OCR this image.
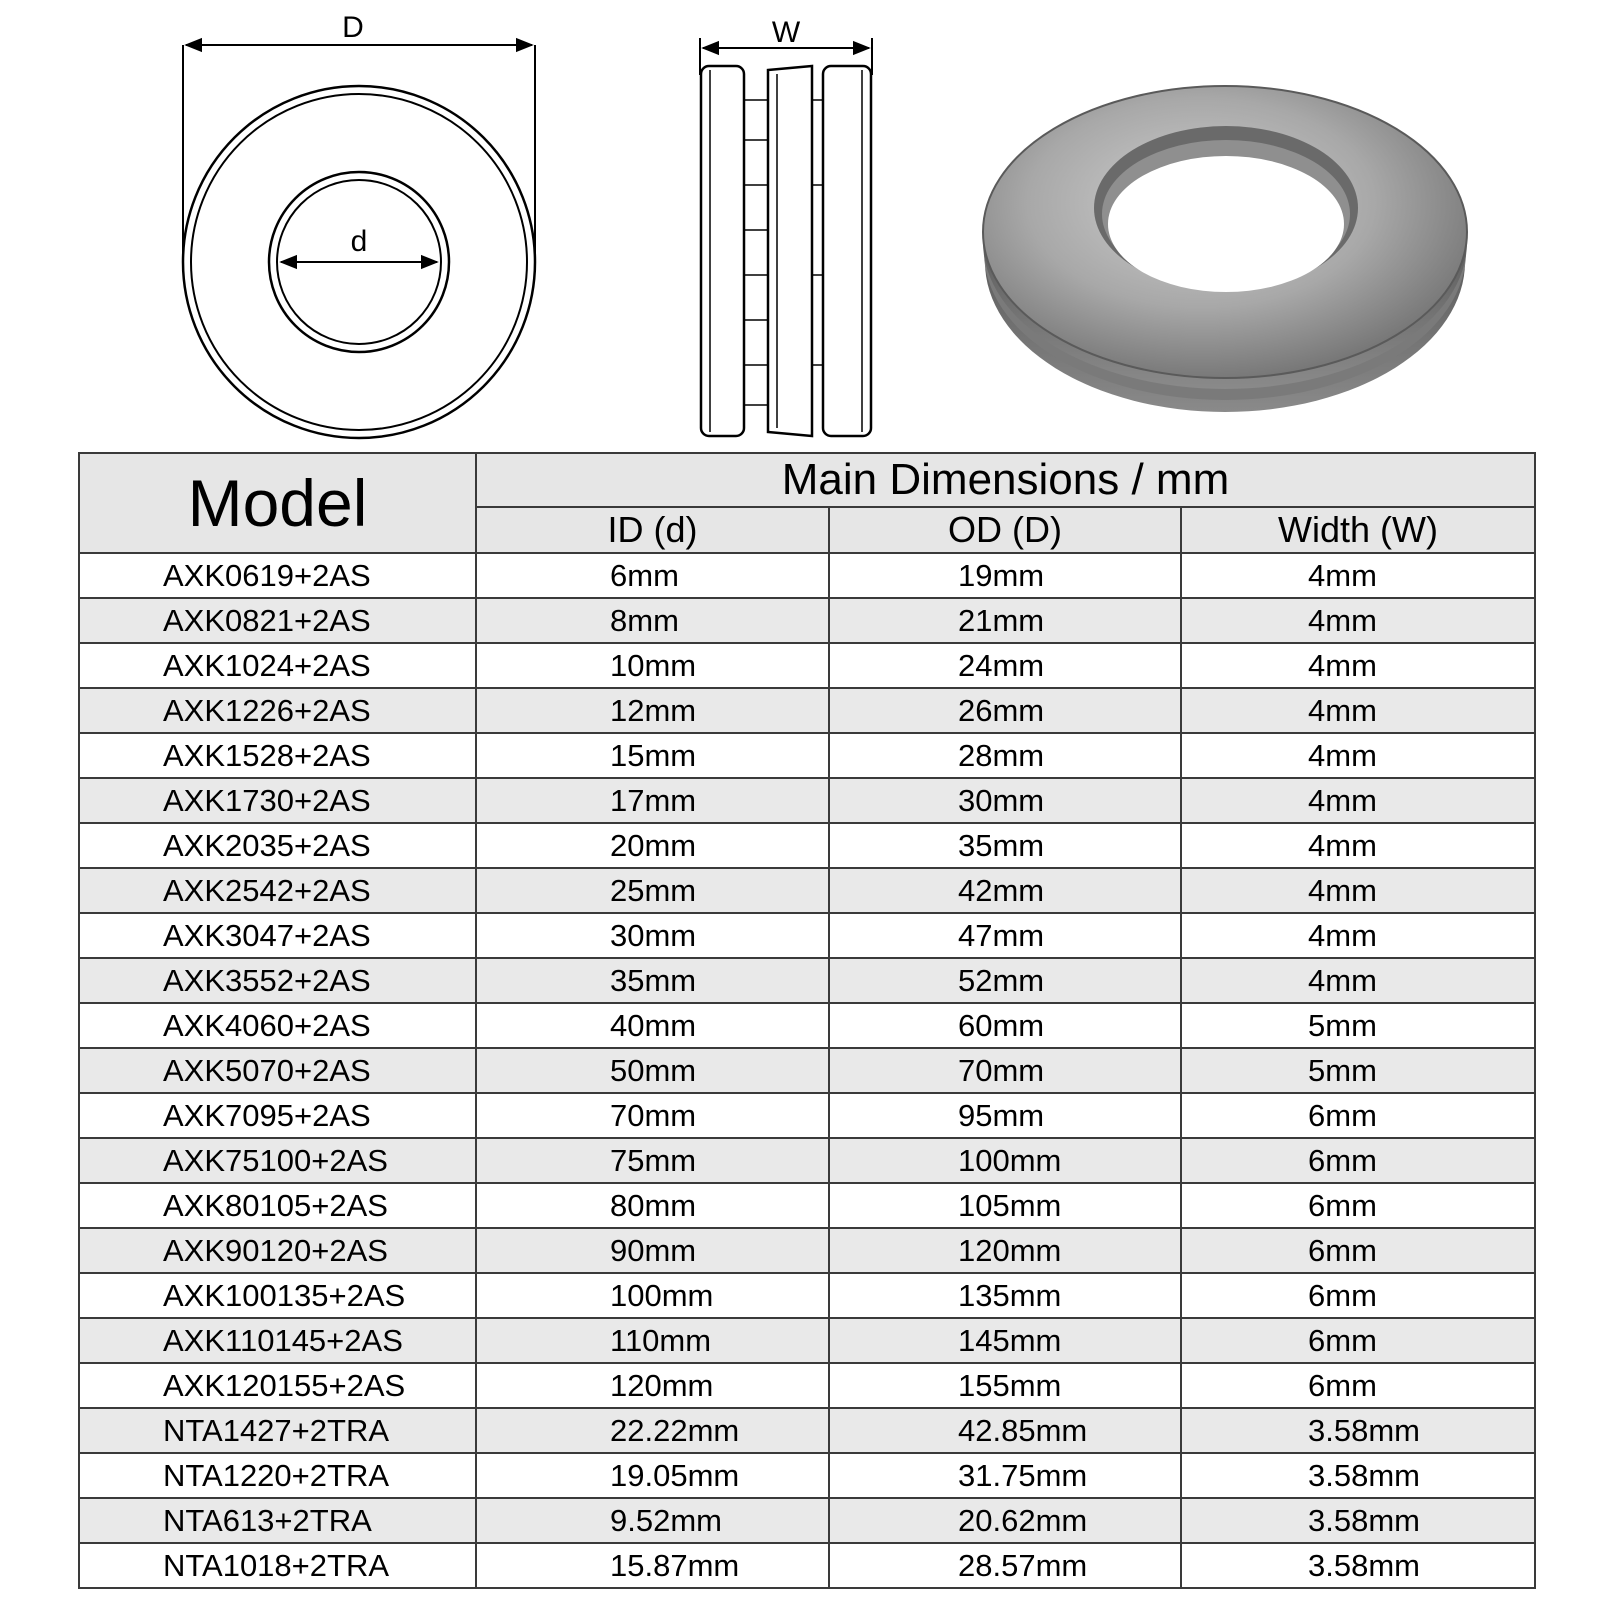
D
d
W
Model	Main Dimensions / mm		
	ID (d)	OD (D)	Width (W)
AXK0619+2AS	6mm	19mm	4mm
AXK0821+2AS	8mm	21mm	4mm
AXK1024+2AS	10mm	24mm	4mm
AXK1226+2AS	12mm	26mm	4mm
AXK1528+2AS	15mm	28mm	4mm
AXK1730+2AS	17mm	30mm	4mm
AXK2035+2AS	20mm	35mm	4mm
AXK2542+2AS	25mm	42mm	4mm
AXK3047+2AS	30mm	47mm	4mm
AXK3552+2AS	35mm	52mm	4mm
AXK4060+2AS	40mm	60mm	5mm
AXK5070+2AS	50mm	70mm	5mm
AXK7095+2AS	70mm	95mm	6mm
AXK75100+2AS	75mm	100mm	6mm
AXK80105+2AS	80mm	105mm	6mm
AXK90120+2AS	90mm	120mm	6mm
AXK100135+2AS	100mm	135mm	6mm
AXK110145+2AS	110mm	145mm	6mm
AXK120155+2AS	120mm	155mm	6mm
NTA1427+2TRA	22.22mm	42.85mm	3.58mm
NTA1220+2TRA	19.05mm	31.75mm	3.58mm
NTA613+2TRA	9.52mm	20.62mm	3.58mm
NTA1018+2TRA	15.87mm	28.57mm	3.58mm
